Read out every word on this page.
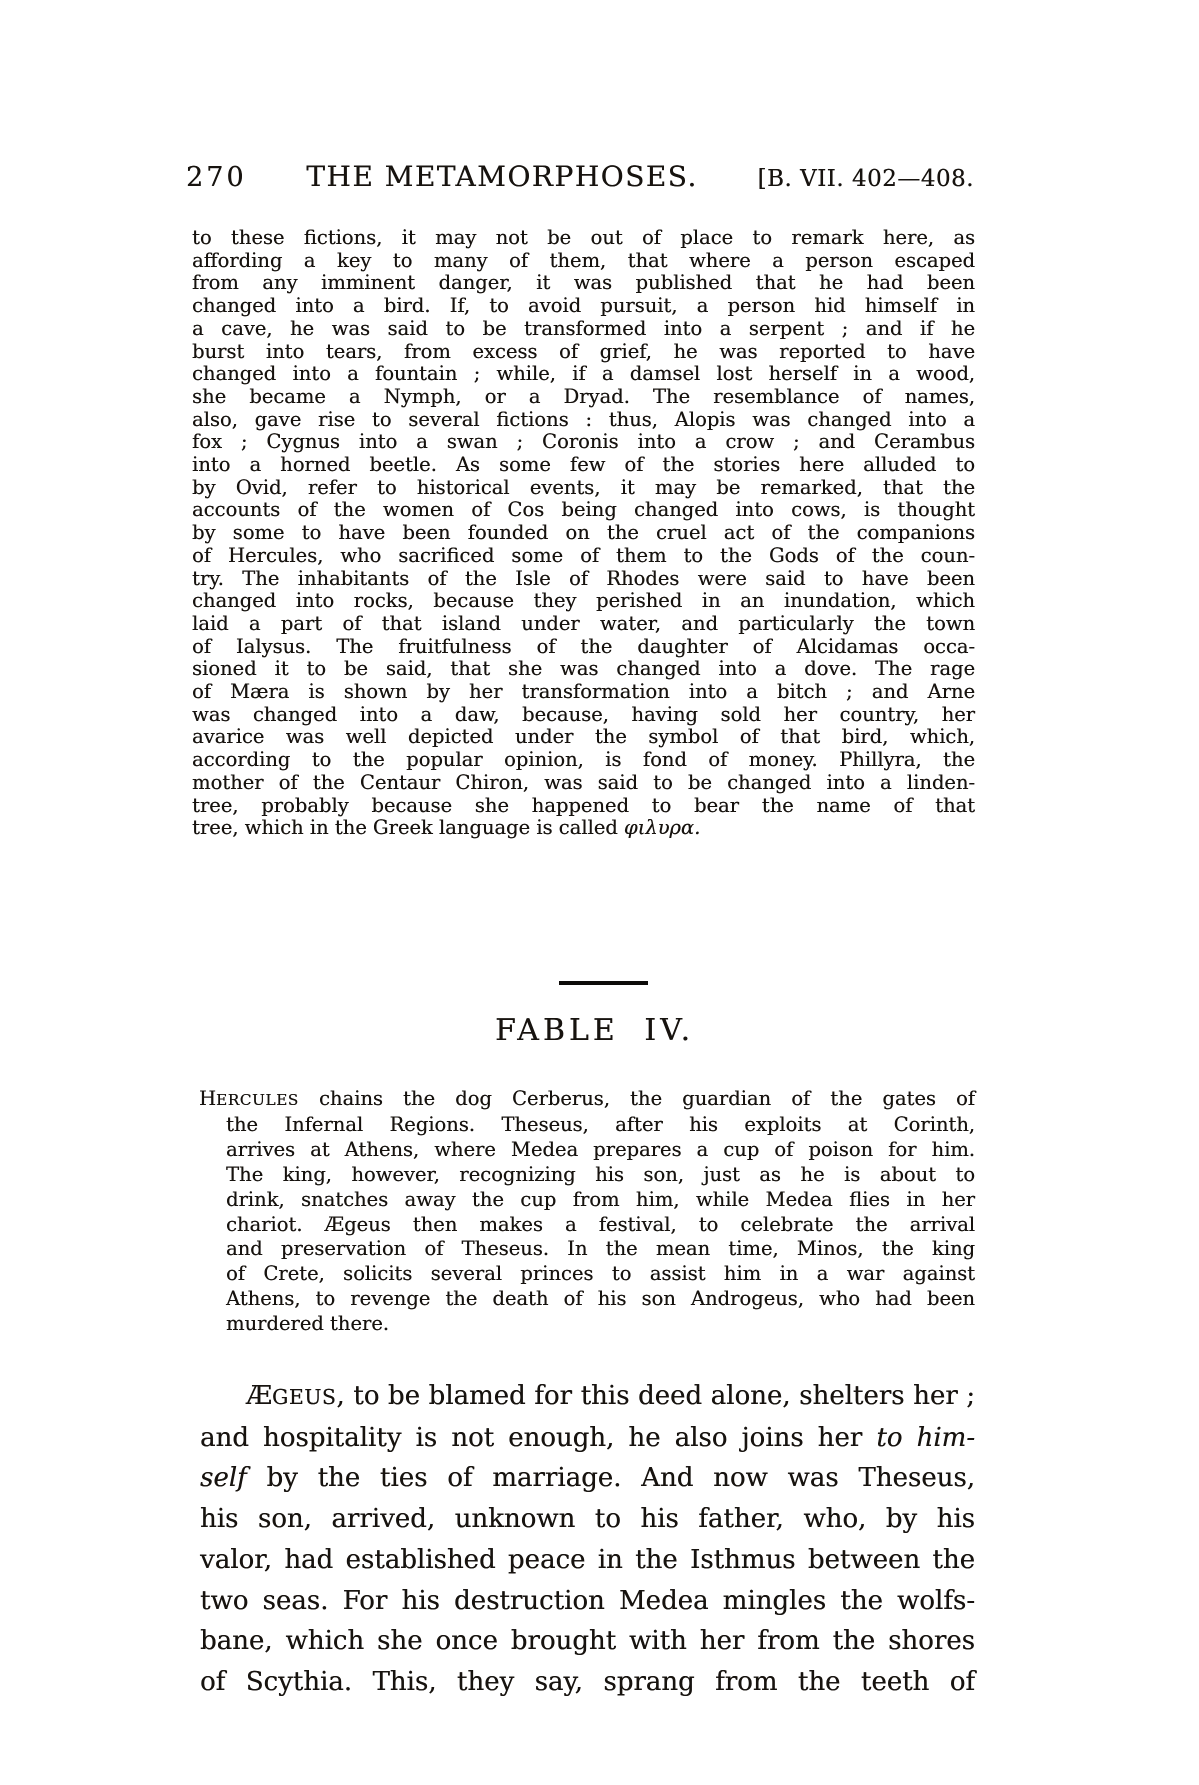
270 THE METAMORPHOSES.	[B. VII. 402—408.
to these fictions, it may not be out of place to remark here, as
affording a key to many of them, that where a person escaped
from any imminent danger, it was published that he had been
changed into a bird. If, to avoid pursuit, a person hid himself in
a cave, he was said to be transformed into a serpent ; and if he
burst into tears, from excess of grief, he was reported to have
changed into a fountain ; while, if a damsel lost herself in a wood,
she became a Nymph, or a Dryad. The resemblance of names,
also, gave rise to several fictions : thus, Alopis was changed into a
fox ; Cygnus into a swan ; Coronis into a crow ; and Cerambus
into a horned beetle. As some few of the stories here alluded to
by Ovid, refer to historical events, it may be remarked, that the
accounts of the women of Cos being changed into cows, is thought
by some to have been founded on the cruel act of the companions
of Hercules, who sacrificed some of them to the Gods of the coun-
try. The inhabitants of the Isle of Rhodes were said to have been
changed into rocks, because they perished in an inundation, which
laid a part of that island under water, and particularly the town
of Ialysus. The fruitfulness of the daughter of Alcidamas occa-
sioned it to be said, that she was changed into a dove. The rage
of Mæra is shown by her transformation into a bitch ; and Arne
was changed into a daw, because, having sold her country, her
avarice was well depicted under the symbol of that bird, which,
according to the popular opinion, is fond of money. Phillyra, the
mother of the Centaur Chiron, was said to be changed into a linden-
tree, probably because she happened to bear the name of that
tree, which in the Greek language is called φιλυρα.
FABLE IV.
HERCULES chains the dog Cerberus, the guardian of the gates of
the Infernal Regions. Theseus, after his exploits at Corinth,
arrives at Athens, where Medea prepares a cup of poison for him.
The king, however, recognizing his son, just as he is about to
drink, snatches away the cup from him, while Medea flies in her
chariot. Ægeus then makes a festival, to celebrate the arrival
and preservation of Theseus. In the mean time, Minos, the king
of Crete, solicits several princes to assist him in a war against
Athens, to revenge the death of his son Androgeus, who had been
murdered there.
ÆGEUS, to be blamed for this deed alone, shelters her ;
and hospitality is not enough, he also joins her to him-
self by the ties of marriage. And now was Theseus,
his son, arrived, unknown to his father, who, by his
valor, had established peace in the Isthmus between the
two seas. For his destruction Medea mingles the wolfs-
bane, which she once brought with her from the shores
of Scythia. This, they say, sprang from the teeth of
